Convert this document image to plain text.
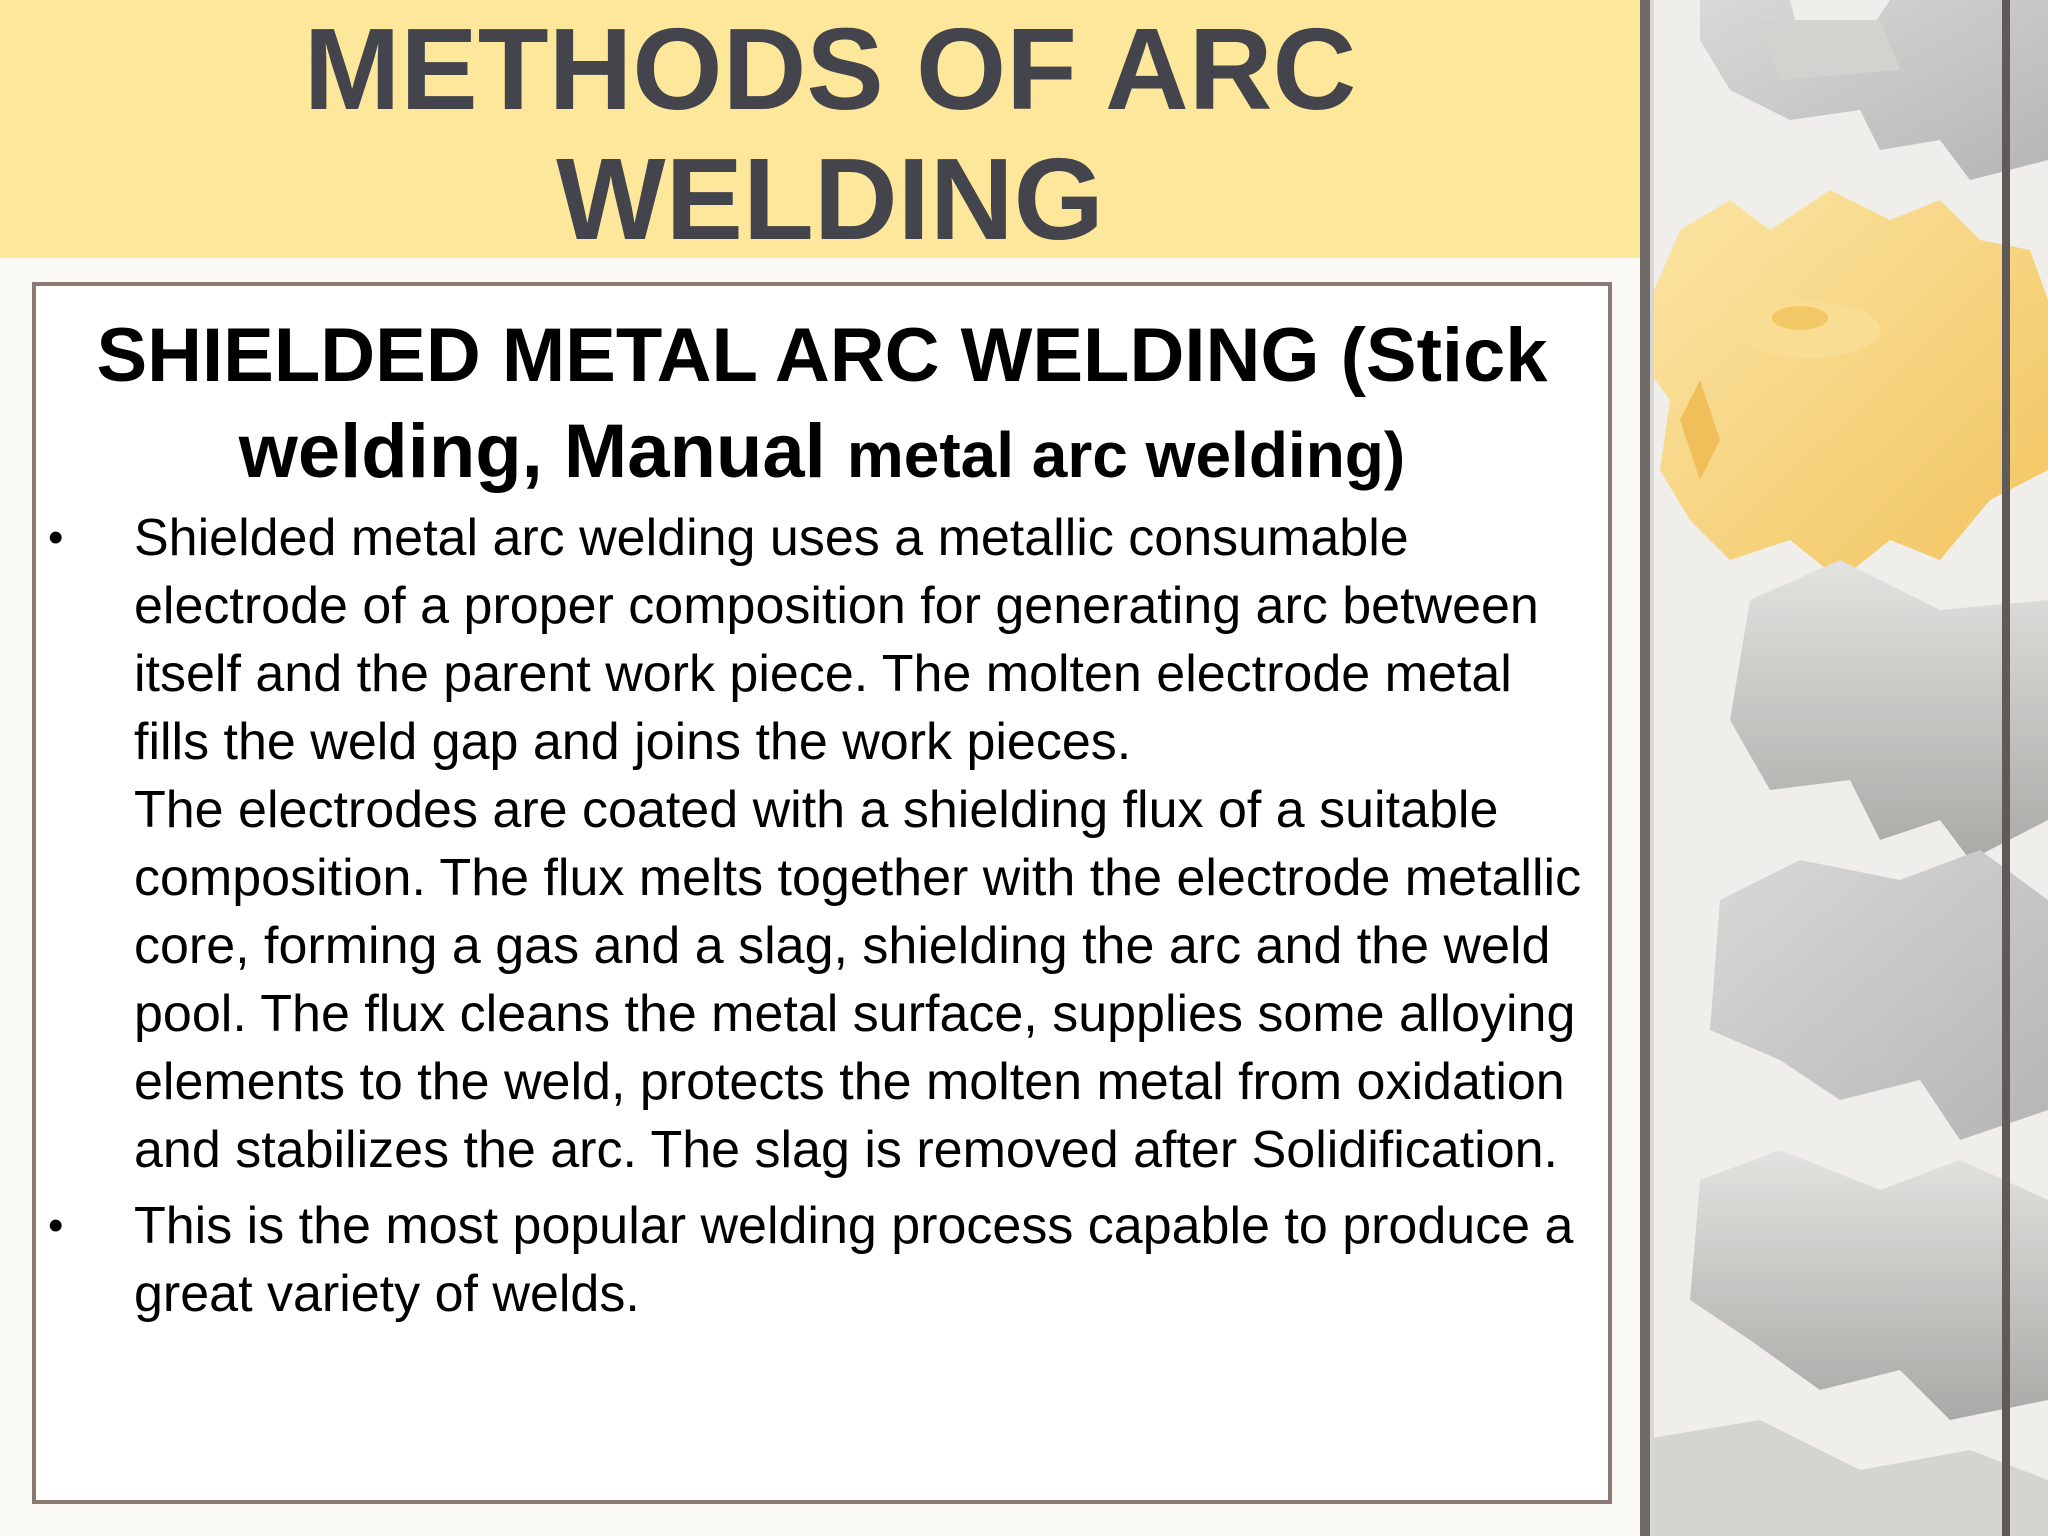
METHODS OF ARC
WELDING
SHIELDED METAL ARC WELDING (Stick
welding, Manual metal arc welding)
• Shielded metal arc welding uses a metallic consumable electrode of a proper composition for generating arc between itself and the parent work piece. The molten electrode metal fills the weld gap and joins the work pieces.

The electrodes are coated with a shielding flux of a suitable composition. The flux melts together with the electrode metallic core, forming a gas and a slag, shielding the arc and the weld pool. The flux cleans the metal surface, supplies some alloying elements to the weld, protects the molten metal from oxidation and stabilizes the arc. The slag is removed after Solidification.

• This is the most popular welding process capable to produce a great variety of welds.
